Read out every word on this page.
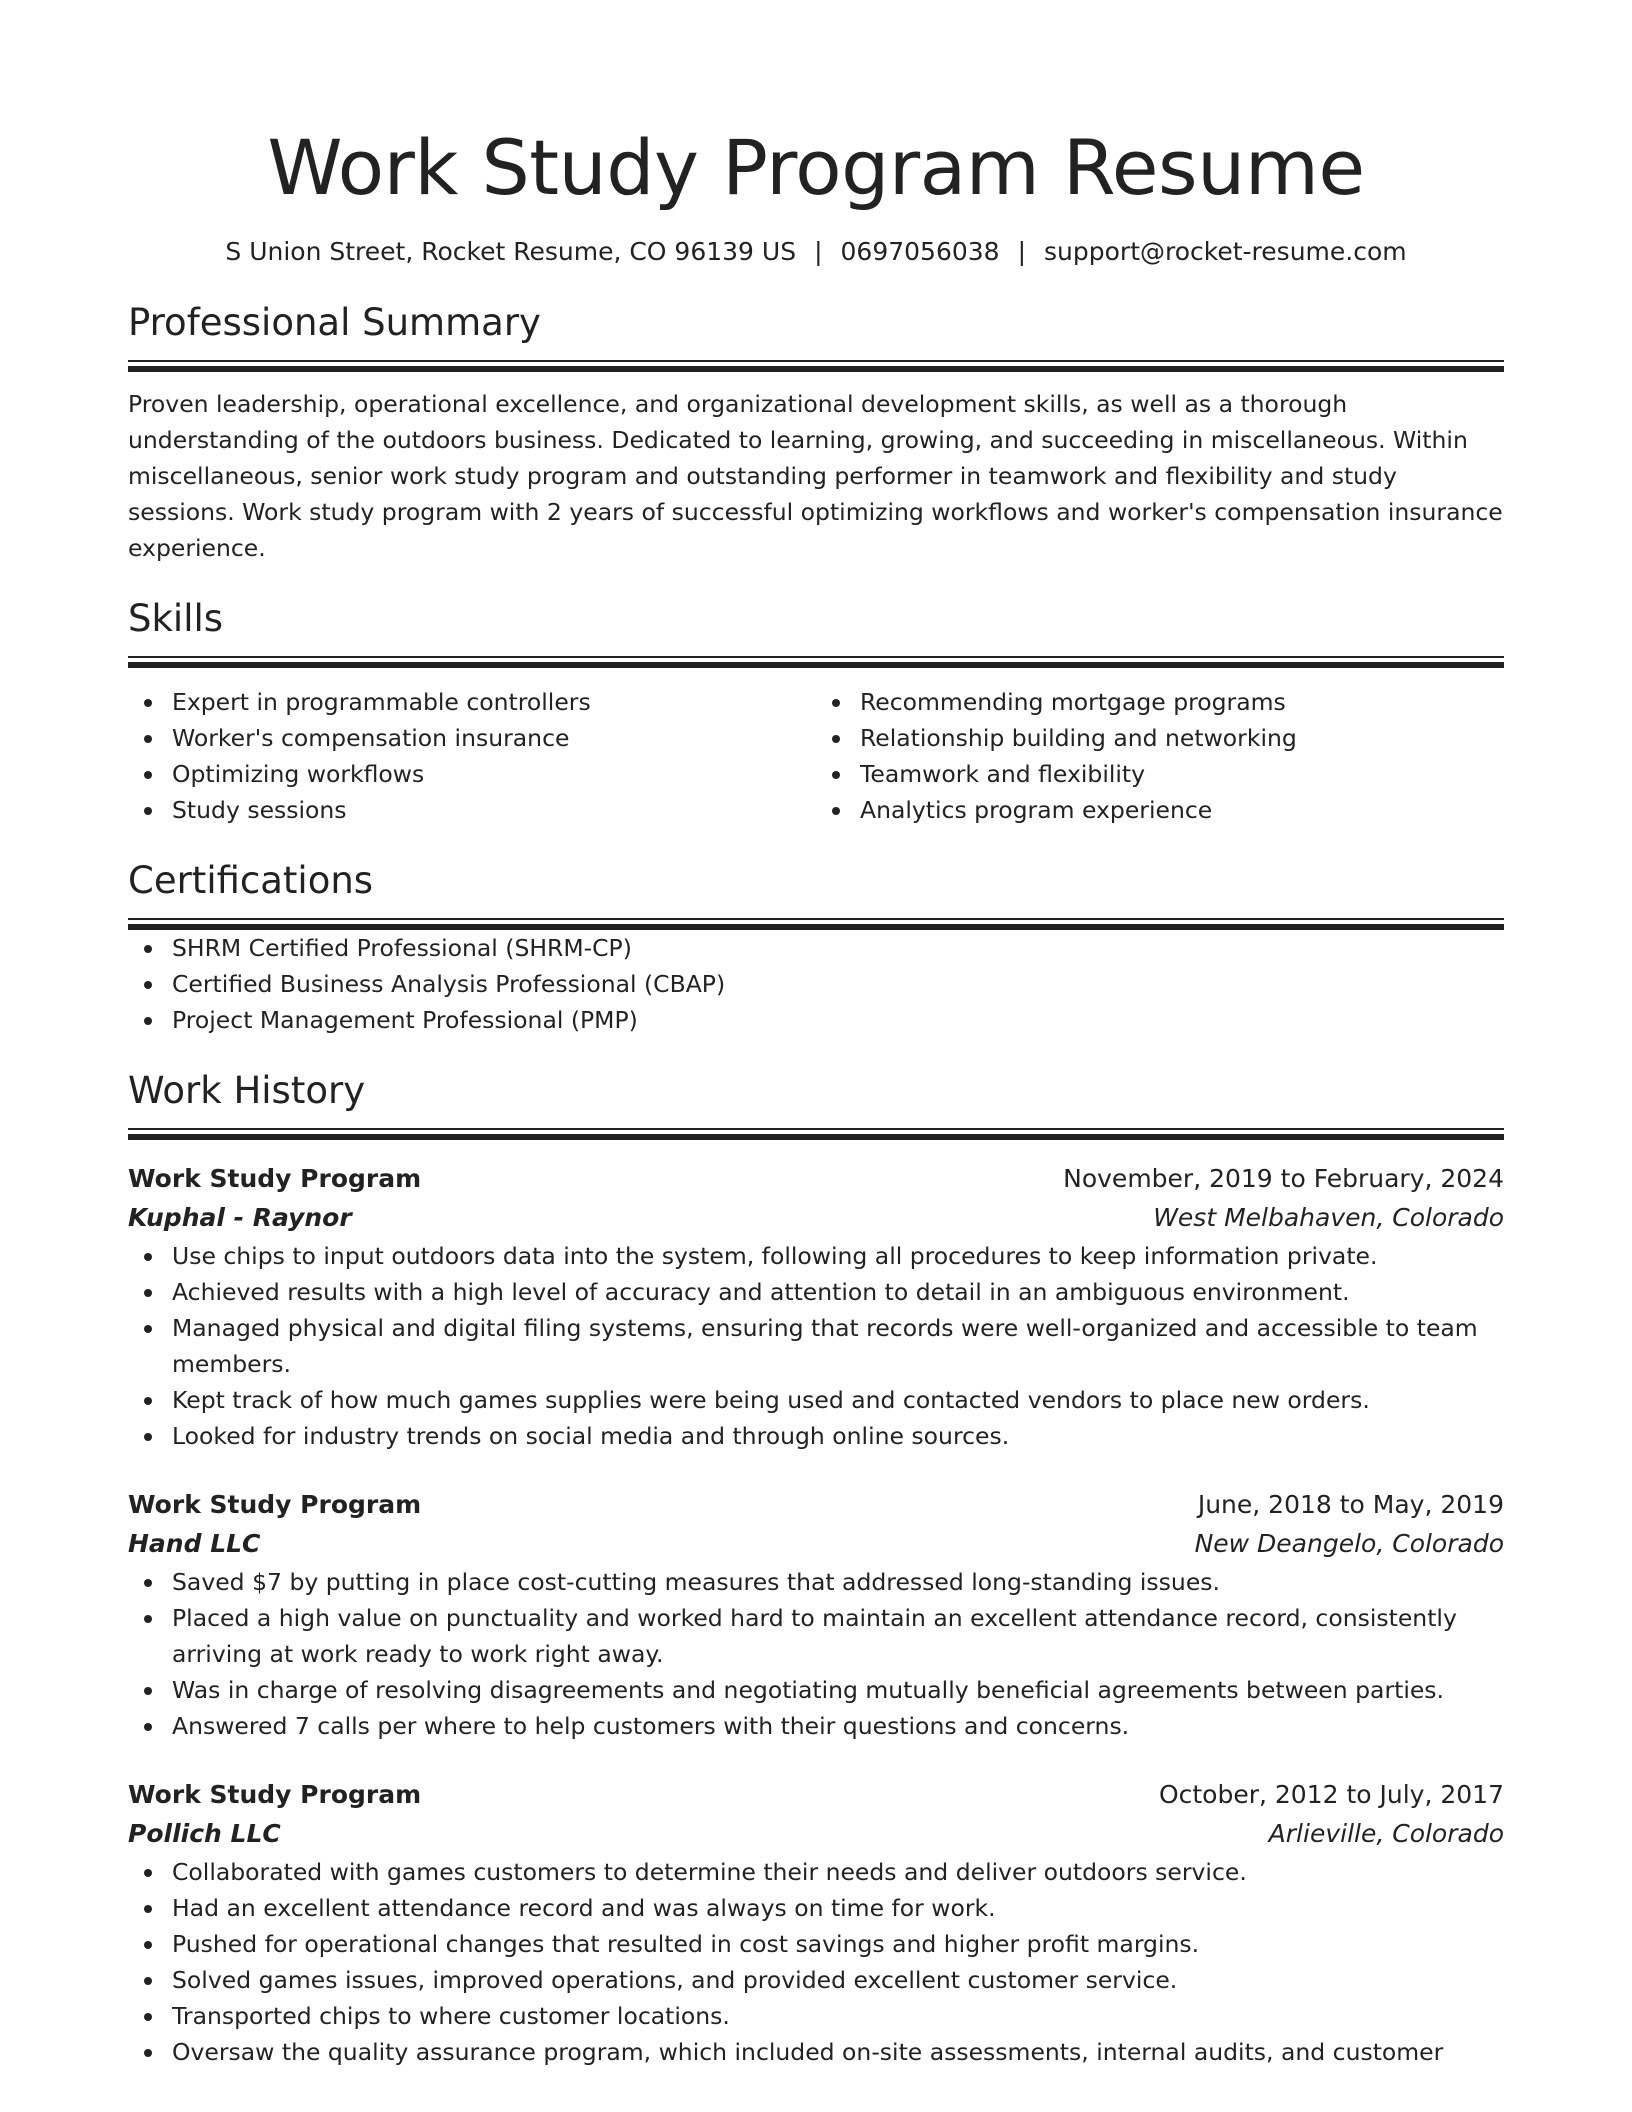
Work Study Program Resume
S Union Street, Rocket Resume, CO 96139 US | 0697056038 | support@rocket-resume.com
Professional Summary
Proven leadership, operational excellence, and organizational development skills, as well as a thorough understanding of the outdoors business. Dedicated to learning, growing, and succeeding in miscellaneous. Within miscellaneous, senior work study program and outstanding performer in teamwork and flexibility and study sessions. Work study program with 2 years of successful optimizing workflows and worker's compensation insurance experience.
Skills
Expert in programmable controllers
Worker's compensation insurance
Optimizing workflows
Study sessions
Recommending mortgage programs
Relationship building and networking
Teamwork and flexibility
Analytics program experience
Certifications
SHRM Certified Professional (SHRM-CP)
Certified Business Analysis Professional (CBAP)
Project Management Professional (PMP)
Work History
Work Study Program	November, 2019 to February, 2024
Kuphal - Raynor	West Melbahaven, Colorado
Use chips to input outdoors data into the system, following all procedures to keep information private.
Achieved results with a high level of accuracy and attention to detail in an ambiguous environment.
Managed physical and digital filing systems, ensuring that records were well-organized and accessible to team members.
Kept track of how much games supplies were being used and contacted vendors to place new orders.
Looked for industry trends on social media and through online sources.
Work Study Program	June, 2018 to May, 2019
Hand LLC	New Deangelo, Colorado
Saved $7 by putting in place cost-cutting measures that addressed long-standing issues.
Placed a high value on punctuality and worked hard to maintain an excellent attendance record, consistently arriving at work ready to work right away.
Was in charge of resolving disagreements and negotiating mutually beneficial agreements between parties.
Answered 7 calls per where to help customers with their questions and concerns.
Work Study Program	October, 2012 to July, 2017
Pollich LLC	Arlieville, Colorado
Collaborated with games customers to determine their needs and deliver outdoors service.
Had an excellent attendance record and was always on time for work.
Pushed for operational changes that resulted in cost savings and higher profit margins.
Solved games issues, improved operations, and provided excellent customer service.
Transported chips to where customer locations.
Oversaw the quality assurance program, which included on-site assessments, internal audits, and customer
